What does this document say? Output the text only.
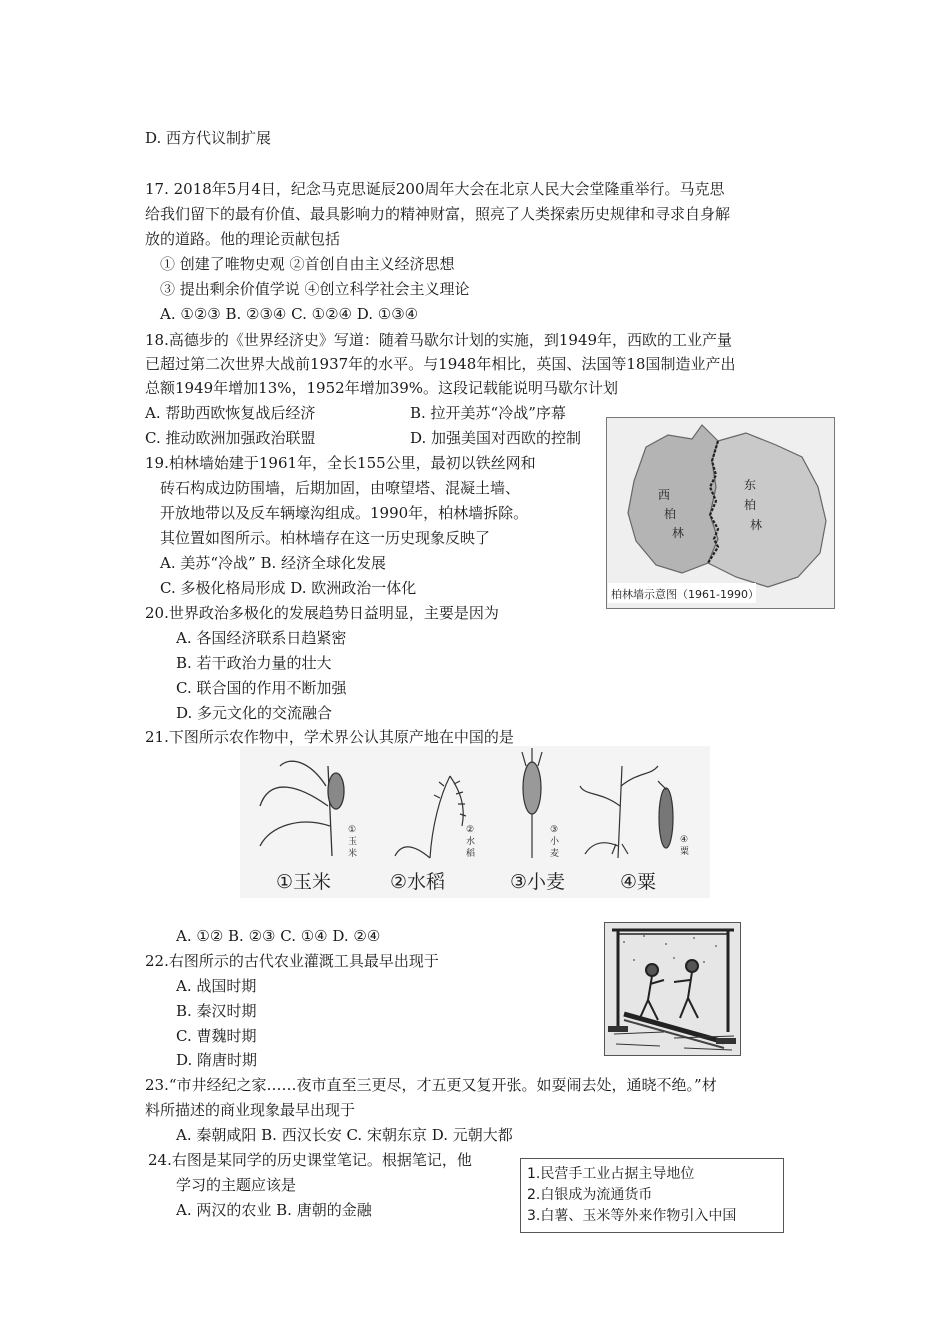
D. 西方代议制扩展
17. 2018年5月4日，纪念马克思诞辰200周年大会在北京人民大会堂隆重举行。马克思
给我们留下的最有价值、最具影响力的精神财富，照亮了人类探索历史规律和寻求自身解
放的道路。他的理论贡献包括
① 创建了唯物史观 ②首创自由主义经济思想
③ 提出剩余价值学说 ④创立科学社会主义理论
A. ①②③ B. ②③④ C. ①②④ D. ①③④
18.高德步的《世界经济史》写道：随着马歇尔计划的实施，到1949年，西欧的工业产量
已超过第二次世界大战前1937年的水平。与1948年相比，英国、法国等18国制造业产出
总额1949年增加13%，1952年增加39%。这段记载能说明马歇尔计划
A. 帮助西欧恢复战后经济	B. 拉开美苏“冷战”序幕
C. 推动欧洲加强政治联盟	D. 加强美国对西欧的控制
19.柏林墙始建于1961年，全长155公里，最初以铁丝网和
砖石构成边防围墙，后期加固，由嘹望塔、混凝土墙、
开放地带以及反车辆壕沟组成。1990年，柏林墙拆除。
其位置如图所示。柏林墙存在这一历史现象反映了
A. 美苏“冷战” B. 经济全球化发展
C. 多极化格局形成 D. 欧洲政治一体化
20.世界政治多极化的发展趋势日益明显，主要是因为
A. 各国经济联系日趋紧密
B. 若干政治力量的壮大
C. 联合国的作用不断加强
D. 多元文化的交流融合
21.下图所示农作物中，学术界公认其原产地在中国的是
A. ①② B. ②③ C. ①④ D. ②④
22.右图所示的古代农业灌溉工具最早出现于
A. 战国时期
B. 秦汉时期
C. 曹魏时期
D. 隋唐时期
23.“市井经纪之家……夜市直至三更尽，才五更又复开张。如耍闹去处，通晓不绝。”材
料所描述的商业现象最早出现于
A. 秦朝咸阳 B. 西汉长安 C. 宋朝东京 D. 元朝大都
24.右图是某同学的历史课堂笔记。根据笔记，他
学习的主题应该是
A. 两汉的农业 B. 唐朝的金融
西
柏
林
东
柏
林
柏林墙示意图（1961-1990）
①
玉
米
②
水
稻
③
小
麦
④
粟
①玉米	②水稻	③小麦	④粟
1.民营手工业占据主导地位
2.白银成为流通货币
3.白薯、玉米等外来作物引入中国
